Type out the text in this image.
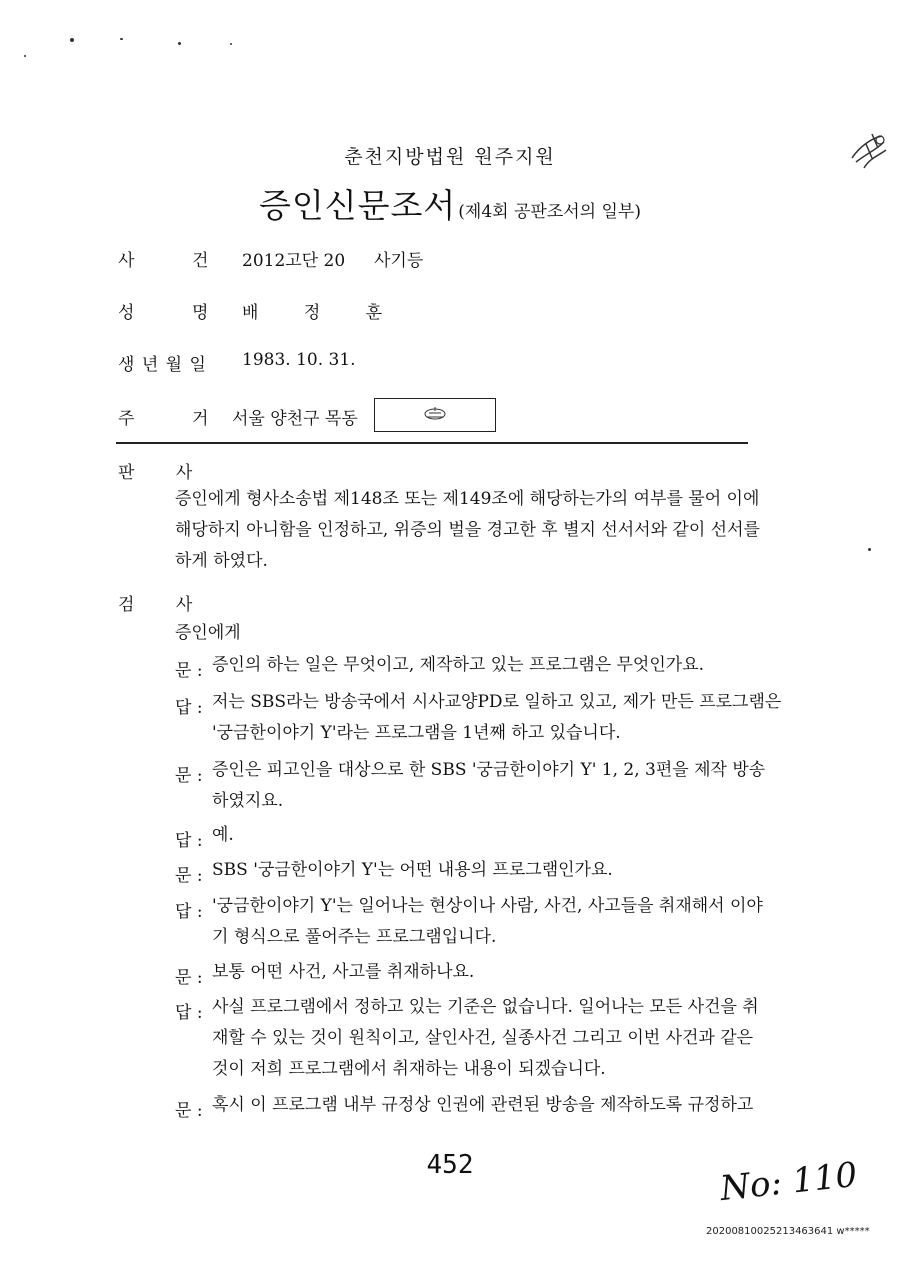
춘천지방법원 원주지원
증인신문조서 (제4회 공판조서의 일부)
사	건 2012고단 20 사기등
성	명 배 정 훈
생 년 월 일 1983. 10. 31.
주	거 서울 양천구 목동
판 사
증인에게 형사소송법 제148조 또는 제149조에 해당하는가의 여부를 물어 이에
해당하지 아니함을 인정하고, 위증의 벌을 경고한 후 별지 선서서와 같이 선서를
하게 하였다.
검 사
증인에게
문 : 증인의 하는 일은 무엇이고, 제작하고 있는 프로그램은 무엇인가요.
답 : 저는 SBS라는 방송국에서 시사교양PD로 일하고 있고, 제가 만든 프로그램은
'궁금한이야기 Y'라는 프로그램을 1년째 하고 있습니다.
문 : 증인은 피고인을 대상으로 한 SBS '궁금한이야기 Y' 1, 2, 3편을 제작 방송
하였지요.
답 : 예.
문 : SBS '궁금한이야기 Y'는 어떤 내용의 프로그램인가요.
답 : '궁금한이야기 Y'는 일어나는 현상이나 사람, 사건, 사고들을 취재해서 이야
기 형식으로 풀어주는 프로그램입니다.
문 : 보통 어떤 사건, 사고를 취재하나요.
답 : 사실 프로그램에서 정하고 있는 기준은 없습니다. 일어나는 모든 사건을 취
재할 수 있는 것이 원칙이고, 살인사건, 실종사건 그리고 이번 사건과 같은
것이 저희 프로그램에서 취재하는 내용이 되겠습니다.
문 : 혹시 이 프로그램 내부 규정상 인권에 관련된 방송을 제작하도록 규정하고
452	No: 110
20200810025213463641 w*****
